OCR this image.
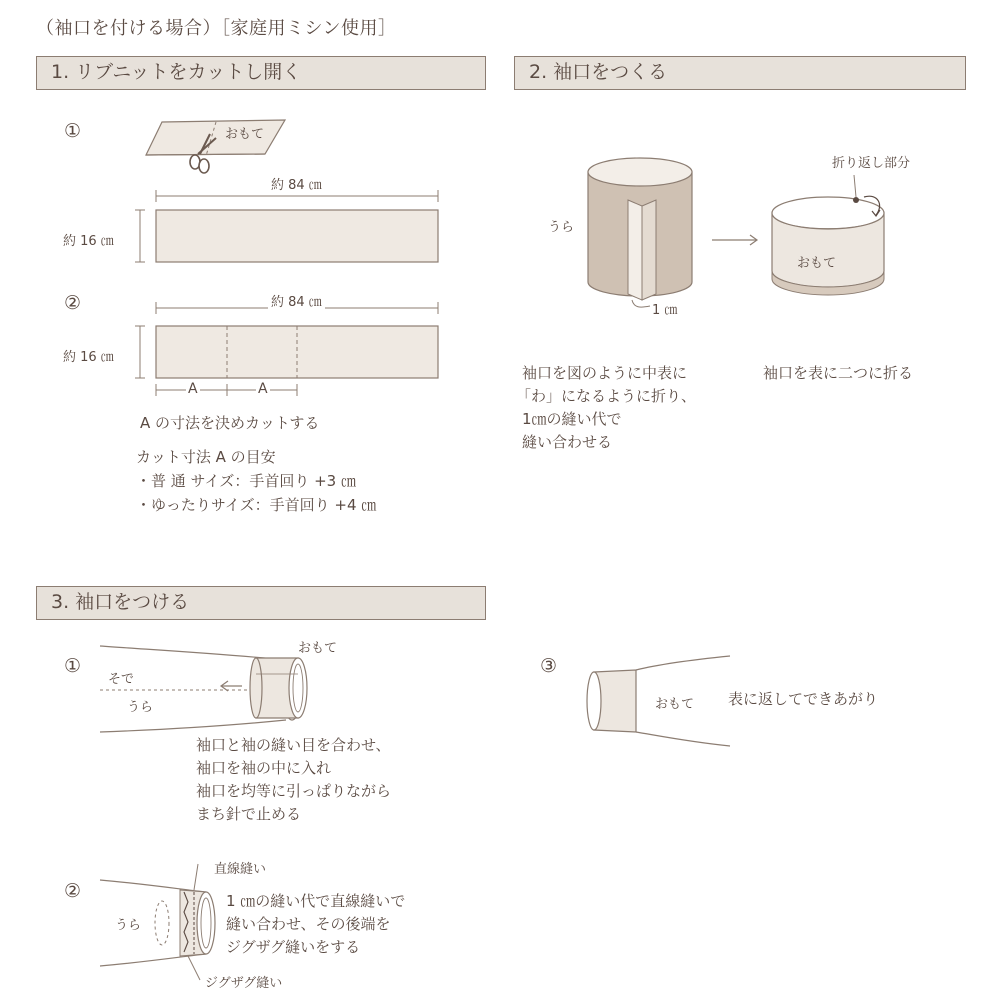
（袖口を付ける場合）［家庭用ミシン使用］
1. リブニットをカットし開く	2. 袖口をつくる
3. 袖口をつける
①	おもて
約 84 ㎝
約 16 ㎝
②	約 84 ㎝
約 16 ㎝
A	A
A の寸法を決めカットする
カット寸法 A の目安
・普 通 サイズ：手首回り +3 ㎝
・ゆったりサイズ：手首回り +4 ㎝
うら
1 ㎝
折り返し部分
おもて
袖口を図のように中表に
「わ」になるように折り、
1㎝の縫い代で
縫い合わせる
袖口を表に二つに折る
①
そで
うら
おもて
袖口と袖の縫い目を合わせ、
袖口を袖の中に入れ
袖口を均等に引っぱりながら
まち針で止める
②
直線縫い
うら
ジグザグ縫い
1 ㎝の縫い代で直線縫いで
縫い合わせ、その後端を
ジグザグ縫いをする
③
おもて 表に返してできあがり
